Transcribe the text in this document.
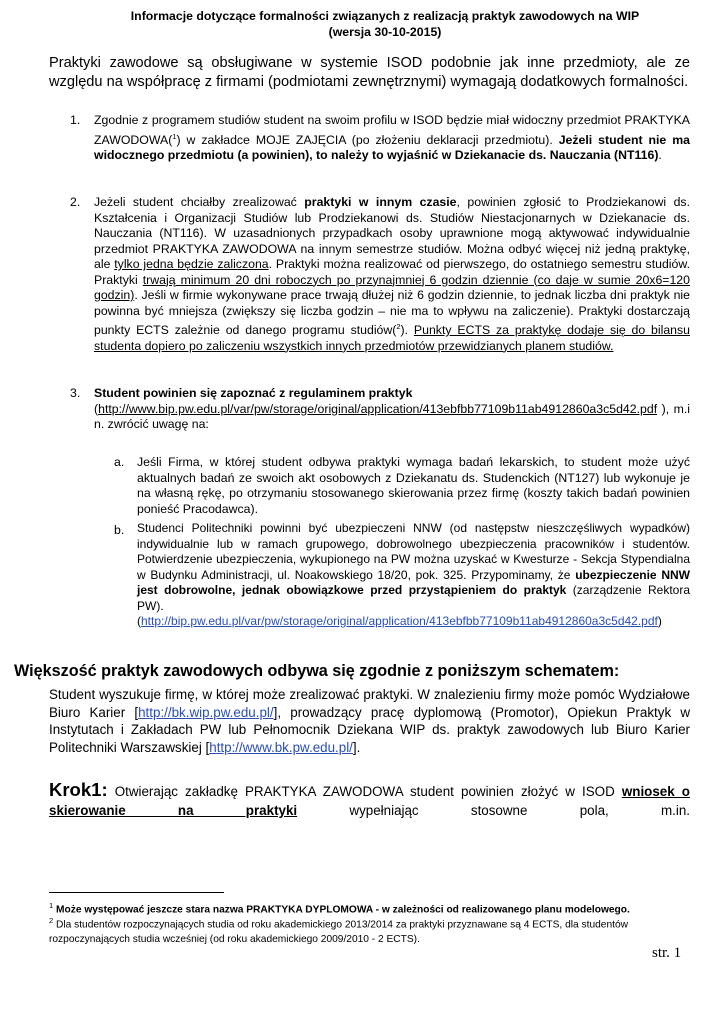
Informacje dotyczące formalności związanych z realizacją praktyk zawodowych na WIP
(wersja 30-10-2015)
Praktyki zawodowe są obsługiwane w systemie ISOD podobnie jak inne przedmioty, ale ze względu na współpracę z firmami (podmiotami zewnętrznymi) wymagają dodatkowych formalności.
1. Zgodnie z programem studiów student na swoim profilu w ISOD będzie miał widoczny przedmiot PRAKTYKA ZAWODOWA($^1$) w zakładce MOJE ZAJĘCIA (po złożeniu deklaracji przedmiotu). Jeżeli student nie ma widocznego przedmiotu (a powinien), to należy to wyjaśnić w Dziekanacie ds. Nauczania (NT116).
2. Jeżeli student chciałby zrealizować praktyki w innym czasie, powinien zgłosić to Prodziekanowi ds. Kształcenia i Organizacji Studiów lub Prodziekanowi ds. Studiów Niestacjonarnych w Dziekanacie ds. Nauczania (NT116). W uzasadnionych przypadkach osoby uprawnione mogą aktywować indywidualnie przedmiot PRAKTYKA ZAWODOWA na innym semestrze studiów. Można odbyć więcej niż jedną praktykę, ale tylko jedna będzie zaliczona. Praktyki można realizować od pierwszego, do ostatniego semestru studiów. Praktyki trwają minimum 20 dni roboczych po przynajmniej 6 godzin dziennie (co daje w sumie 20x6=120 godzin). Jeśli w firmie wykonywane prace trwają dłużej niż 6 godzin dziennie, to jednak liczba dni praktyk nie powinna być mniejsza (zwiększy się liczba godzin – nie ma to wpływu na zaliczenie). Praktyki dostarczają punkty ECTS zależnie od danego programu studiów($^2$). Punkty ECTS za praktykę dodaje się do bilansu studenta dopiero po zaliczeniu wszystkich innych przedmiotów przewidzianych planem studiów.
3. Student powinien się zapoznać z regulaminem praktyk
(http://www.bip.pw.edu.pl/var/pw/storage/original/application/413ebfbb77109b11ab4912860a3c5d42.pdf ), m.in. zwrócić uwagę na:
a. Jeśli Firma, w której student odbywa praktyki wymaga badań lekarskich, to student może użyć aktualnych badań ze swoich akt osobowych z Dziekanatu ds. Studenckich (NT127) lub wykonuje je na własną rękę, po otrzymaniu stosowanego skierowania przez firmę (koszty takich badań powinien ponieść Pracodawca).
b. Studenci Politechniki powinni być ubezpieczeni NNW (od następstw nieszczęśliwych wypadków) indywidualnie lub w ramach grupowego, dobrowolnego ubezpieczenia pracowników i studentów. Potwierdzenie ubezpieczenia, wykupionego na PW można uzyskać w Kwesturze - Sekcja Stypendialna w Budynku Administracji, ul. Noakowskiego 18/20, pok. 325. Przypominamy, że ubezpieczenie NNW jest dobrowolne, jednak obowiązkowe przed przystąpieniem do praktyk (zarządzenie Rektora PW).
(http://bip.pw.edu.pl/var/pw/storage/original/application/413ebfbb77109b11ab4912860a3c5d42.pdf)
Większość praktyk zawodowych odbywa się zgodnie z poniższym schematem:
Student wyszukuje firmę, w której może zrealizować praktyki. W znalezieniu firmy może pomóc Wydziałowe Biuro Karier [http://bk.wip.pw.edu.pl/], prowadzący pracę dyplomową (Promotor), Opiekun Praktyk w Instytutach i Zakładach PW lub Pełnomocnik Dziekana WIP ds. praktyk zawodowych lub Biuro Karier Politechniki Warszawskiej [http://www.bk.pw.edu.pl/].
Krok1: Otwierając zakładkę PRAKTYKA ZAWODOWA student powinien złożyć w ISOD wniosek o skierowanie na praktyki wypełniając stosowne pola, m.in.
$^1$ Może występować jeszcze stara nazwa PRAKTYKA DYPLOMOWA - w zależności od realizowanego planu modelowego.
$^2$ Dla studentów rozpoczynających studia od roku akademickiego 2013/2014 za praktyki przyznawane są 4 ECTS, dla studentów rozpoczynających studia wcześniej (od roku akademickiego 2009/2010 - 2 ECTS).
str. 1
